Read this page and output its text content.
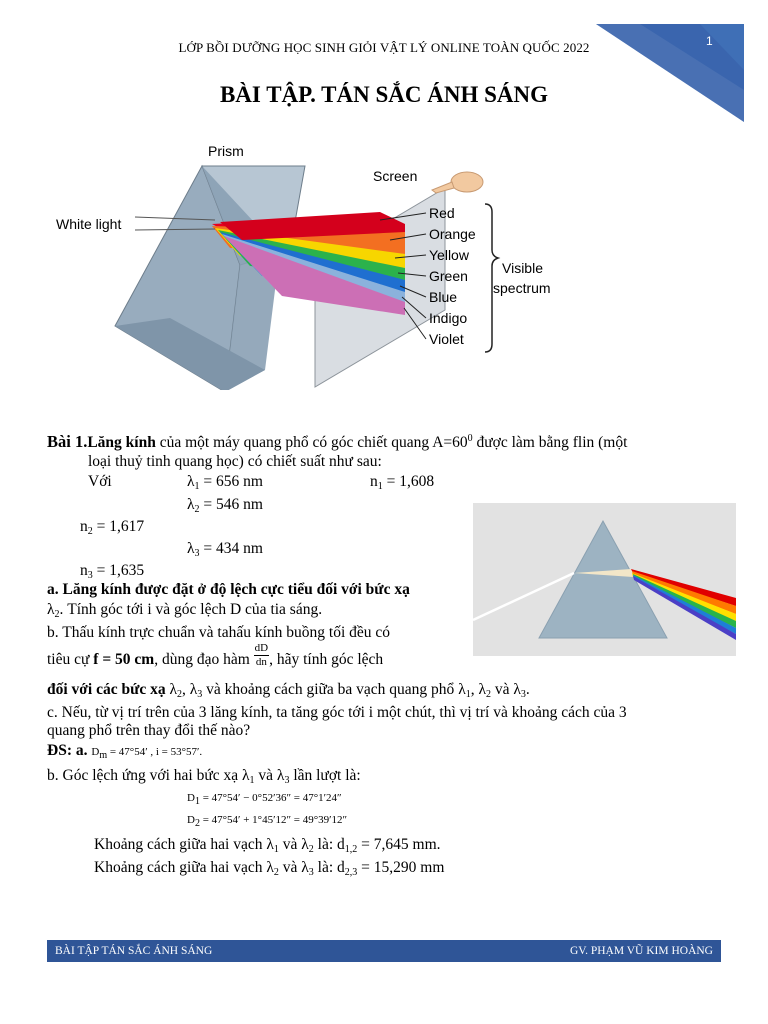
1
LỚP BỒI DƯỠNG HỌC SINH GIỎI VẬT LÝ ONLINE TOÀN QUỐC 2022
BÀI TẬP. TÁN SẮC ÁNH SÁNG
Prism
Screen
White light
Red
Orange
Yellow
Green
Blue
Indigo
Violet
Visible
spectrum
Bài 1.Lăng kính của một máy quang phổ có góc chiết quang $A=60^0$ được làm bằng flin (một
loại thuỷ tinh quang học) có chiết suất như sau:
Với	$\lambda_1 = 656$ nm	$n_1 = 1,608$
$\lambda_2 = 546$ nm
$n_2 = 1,617$
$\lambda_3 = 434$ nm
$n_3 = 1,635$
a. Lăng kính được đặt ở độ lệch cực tiểu đối với bức xạ
$\lambda_2$. Tính góc tới i và góc lệch D của tia sáng.
b. Thấu kính trực chuẩn và tahấu kính buồng tối đều có
tiêu cự f = 50 cm, dùng đạo hàm $\frac{dD}{dn}$ , hãy tính góc lệch
đối với các bức xạ $\lambda_2$, $\lambda_3$ và khoảng cách giữa ba vạch quang phổ $\lambda_1$, $\lambda_2$ và $\lambda_3$.
c. Nếu, từ vị trí trên của 3 lăng kính, ta tăng góc tới i một chút, thì vị trí và khoảng cách của 3
quang phổ trên thay đổi thế nào?
ĐS: a. Dm = 47°54′ , i = 53°57′.
b. Góc lệch ứng với hai bức xạ $\lambda_1$ và $\lambda_3$ lần lượt là:
D1 = 47°54′ − 0°52′36″ = 47°1′24″
D2 = 47°54′ + 1°45′12″ = 49°39′12″
Khoảng cách giữa hai vạch $\lambda_1$ và $\lambda_2$ là: $d_{1,2} = 7,645$ mm.
Khoảng cách giữa hai vạch $\lambda_2$ và $\lambda_3$ là: $d_{2,3} = 15,290$ mm
BÀI TẬP TÁN SẮC ÁNH SÁNG	GV. PHẠM VŨ KIM HOÀNG
